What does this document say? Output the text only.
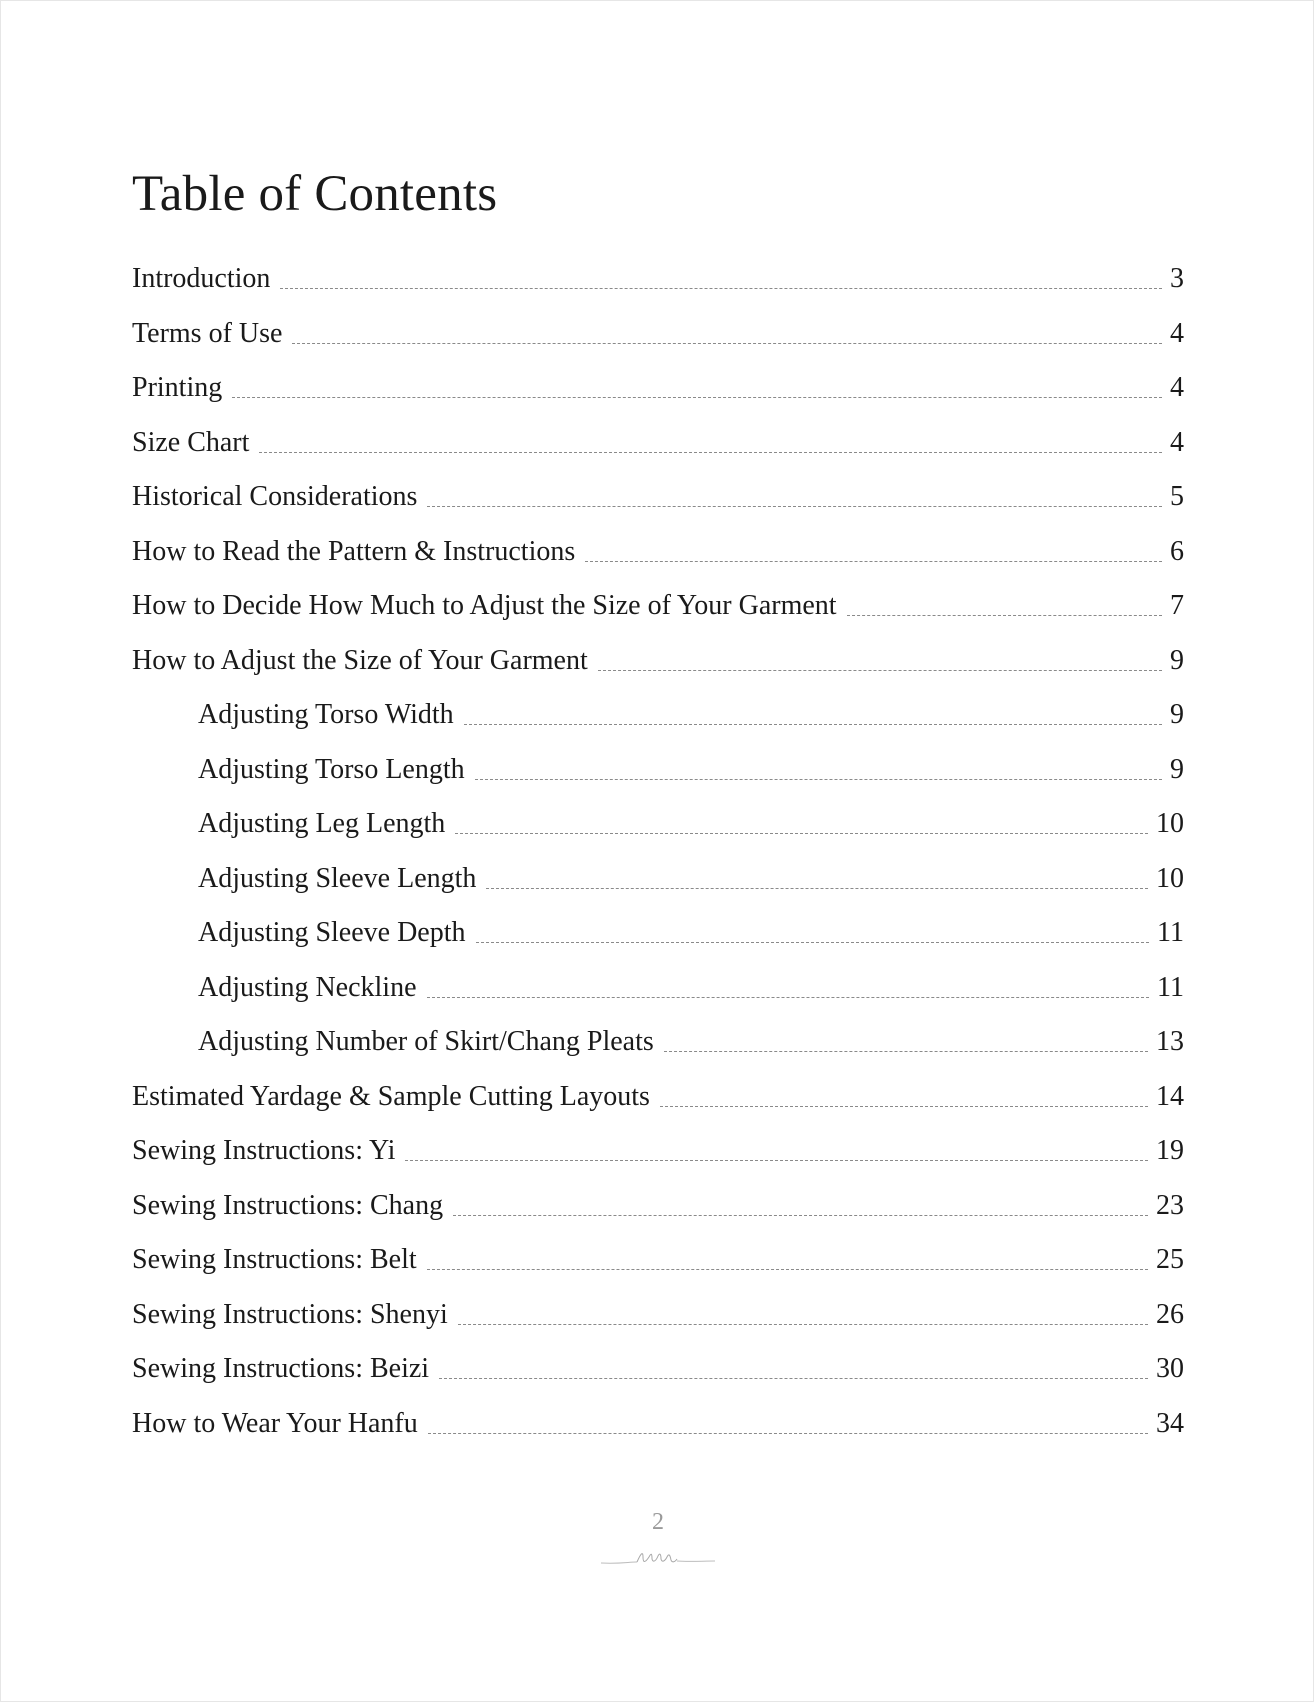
Table of Contents
Introduction	3
Terms of Use	4
Printing	4
Size Chart	4
Historical Considerations	5
How to Read the Pattern & Instructions	6
How to Decide How Much to Adjust the Size of Your Garment	7
How to Adjust the Size of Your Garment	9
Adjusting Torso Width	9
Adjusting Torso Length	9
Adjusting Leg Length	10
Adjusting Sleeve Length	10
Adjusting Sleeve Depth	11
Adjusting Neckline	11
Adjusting Number of Skirt/Chang Pleats	13
Estimated Yardage & Sample Cutting Layouts	14
Sewing Instructions: Yi	19
Sewing Instructions: Chang	23
Sewing Instructions: Belt	25
Sewing Instructions: Shenyi	26
Sewing Instructions: Beizi	30
How to Wear Your Hanfu	34
2
